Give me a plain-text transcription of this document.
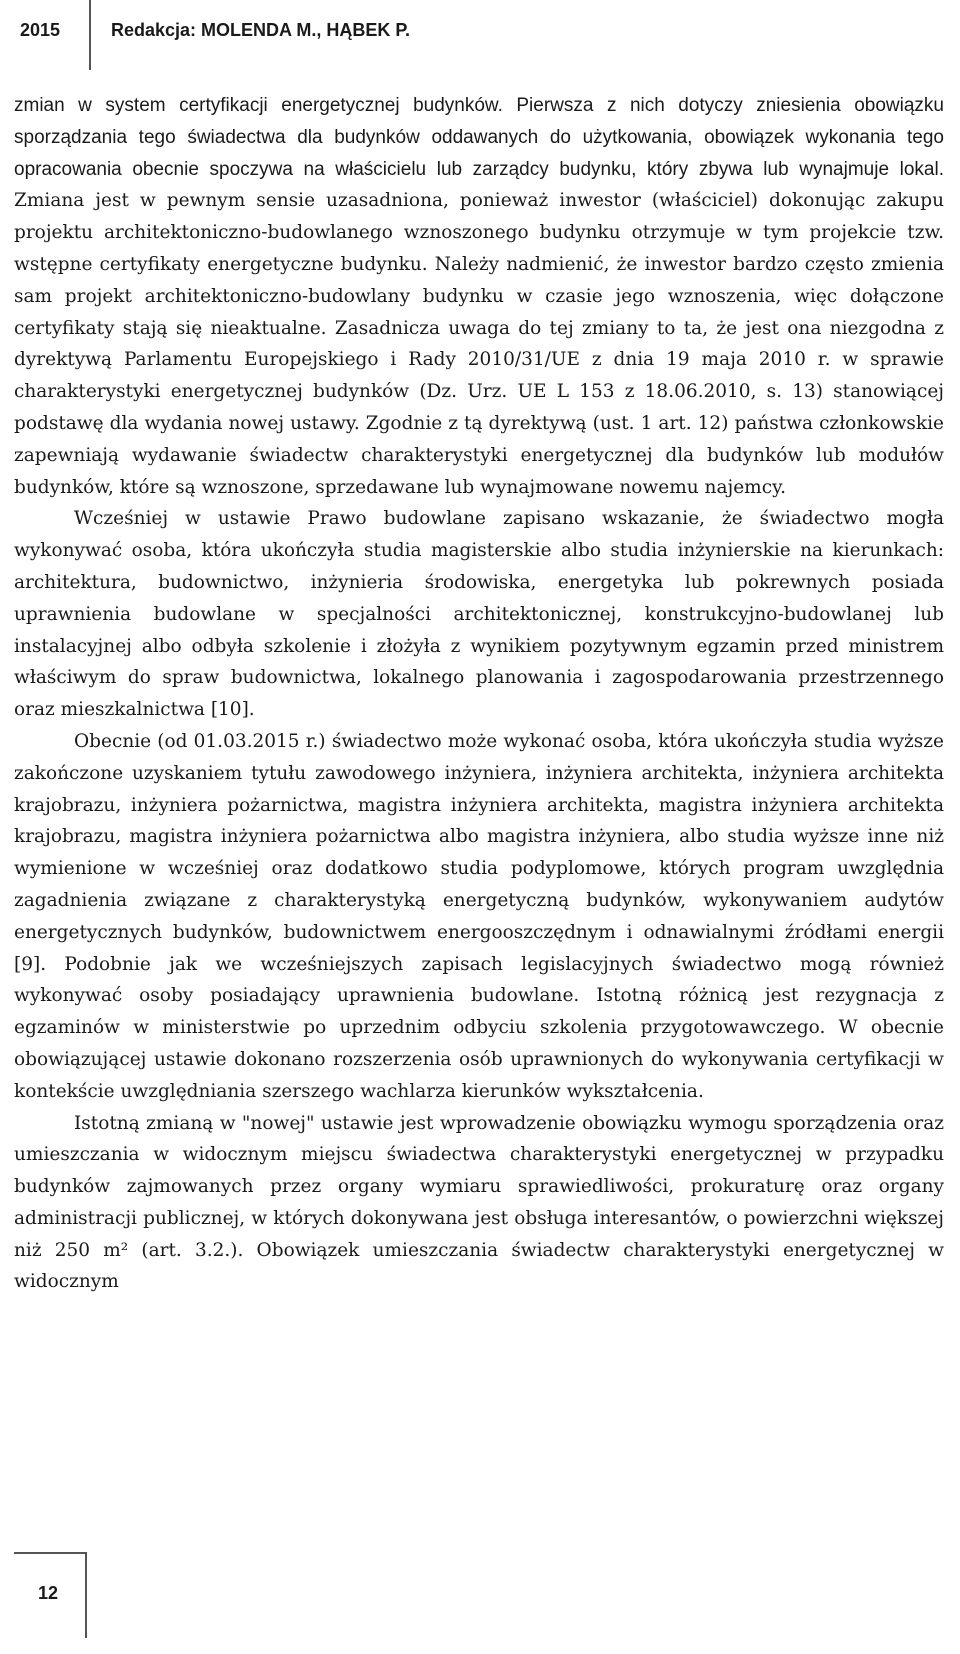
2015	Redakcja: MOLENDA M., HĄBEK P.

zmian w system certyfikacji energetycznej budynków. Pierwsza z nich dotyczy zniesienia obowiązku sporządzania tego świadectwa dla budynków oddawanych do użytkowania, obowiązek wykonania tego opracowania obecnie spoczywa na właścicielu lub zarządcy budynku, który zbywa lub wynajmuje lokal. Zmiana jest w pewnym sensie uzasadniona, ponieważ inwestor (właściciel) dokonując zakupu projektu architektoniczno-budowlanego wznoszonego budynku otrzymuje w tym projekcie tzw. wstępne certyfikaty energetyczne budynku. Należy nadmienić, że inwestor bardzo często zmienia sam projekt architektoniczno-budowlany budynku w czasie jego wznoszenia, więc dołączone certyfikaty stają się nieaktualne. Zasadnicza uwaga do tej zmiany to ta, że jest ona niezgodna z dyrektywą Parlamentu Europejskiego i Rady 2010/31/UE z dnia 19 maja 2010 r. w sprawie charakterystyki energetycznej budynków (Dz. Urz. UE L 153 z 18.06.2010, s. 13) stanowiącej podstawę dla wydania nowej ustawy. Zgodnie z tą dyrektywą (ust. 1 art. 12) państwa członkowskie zapewniają wydawanie świadectw charakterystyki energetycznej dla budynków lub modułów budynków, które są wznoszone, sprzedawane lub wynajmowane nowemu najemcy.

Wcześniej w ustawie Prawo budowlane zapisano wskazanie, że świadectwo mogła wykonywać osoba, która ukończyła studia magisterskie albo studia inżynierskie na kierunkach: architektura, budownictwo, inżynieria środowiska, energetyka lub pokrewnych posiada uprawnienia budowlane w specjalności architektonicznej, konstrukcyjno-budowlanej lub instalacyjnej albo odbyła szkolenie i złożyła z wynikiem pozytywnym egzamin przed ministrem właściwym do spraw budownictwa, lokalnego planowania i zagospodarowania przestrzennego oraz mieszkalnictwa [10].

Obecnie (od 01.03.2015 r.) świadectwo może wykonać osoba, która ukończyła studia wyższe zakończone uzyskaniem tytułu zawodowego inżyniera, inżyniera architekta, inżyniera architekta krajobrazu, inżyniera pożarnictwa, magistra inżyniera architekta, magistra inżyniera architekta krajobrazu, magistra inżyniera pożarnictwa albo magistra inżyniera, albo studia wyższe inne niż wymienione w wcześniej oraz dodatkowo studia podyplomowe, których program uwzględnia zagadnienia związane z charakterystyką energetyczną budynków, wykonywaniem audytów energetycznych budynków, budownictwem energooszczędnym i odnawialnymi źródłami energii [9]. Podobnie jak we wcześniejszych zapisach legislacyjnych świadectwo mogą również wykonywać osoby posiadający uprawnienia budowlane. Istotną różnicą jest rezygnacja z egzaminów w ministerstwie po uprzednim odbyciu szkolenia przygotowawczego. W obecnie obowiązującej ustawie dokonano rozszerzenia osób uprawnionych do wykonywania certyfikacji w kontekście uwzględniania szerszego wachlarza kierunków wykształcenia.

Istotną zmianą w "nowej" ustawie jest wprowadzenie obowiązku wymogu sporządzenia oraz umieszczania w widocznym miejscu świadectwa charakterystyki energetycznej w przypadku budynków zajmowanych przez organy wymiaru sprawiedliwości, prokuraturę oraz organy administracji publicznej, w których dokonywana jest obsługa interesantów, o powierzchni większej niż 250 m² (art. 3.2.). Obowiązek umieszczania świadectw charakterystyki energetycznej w widocznym

12
